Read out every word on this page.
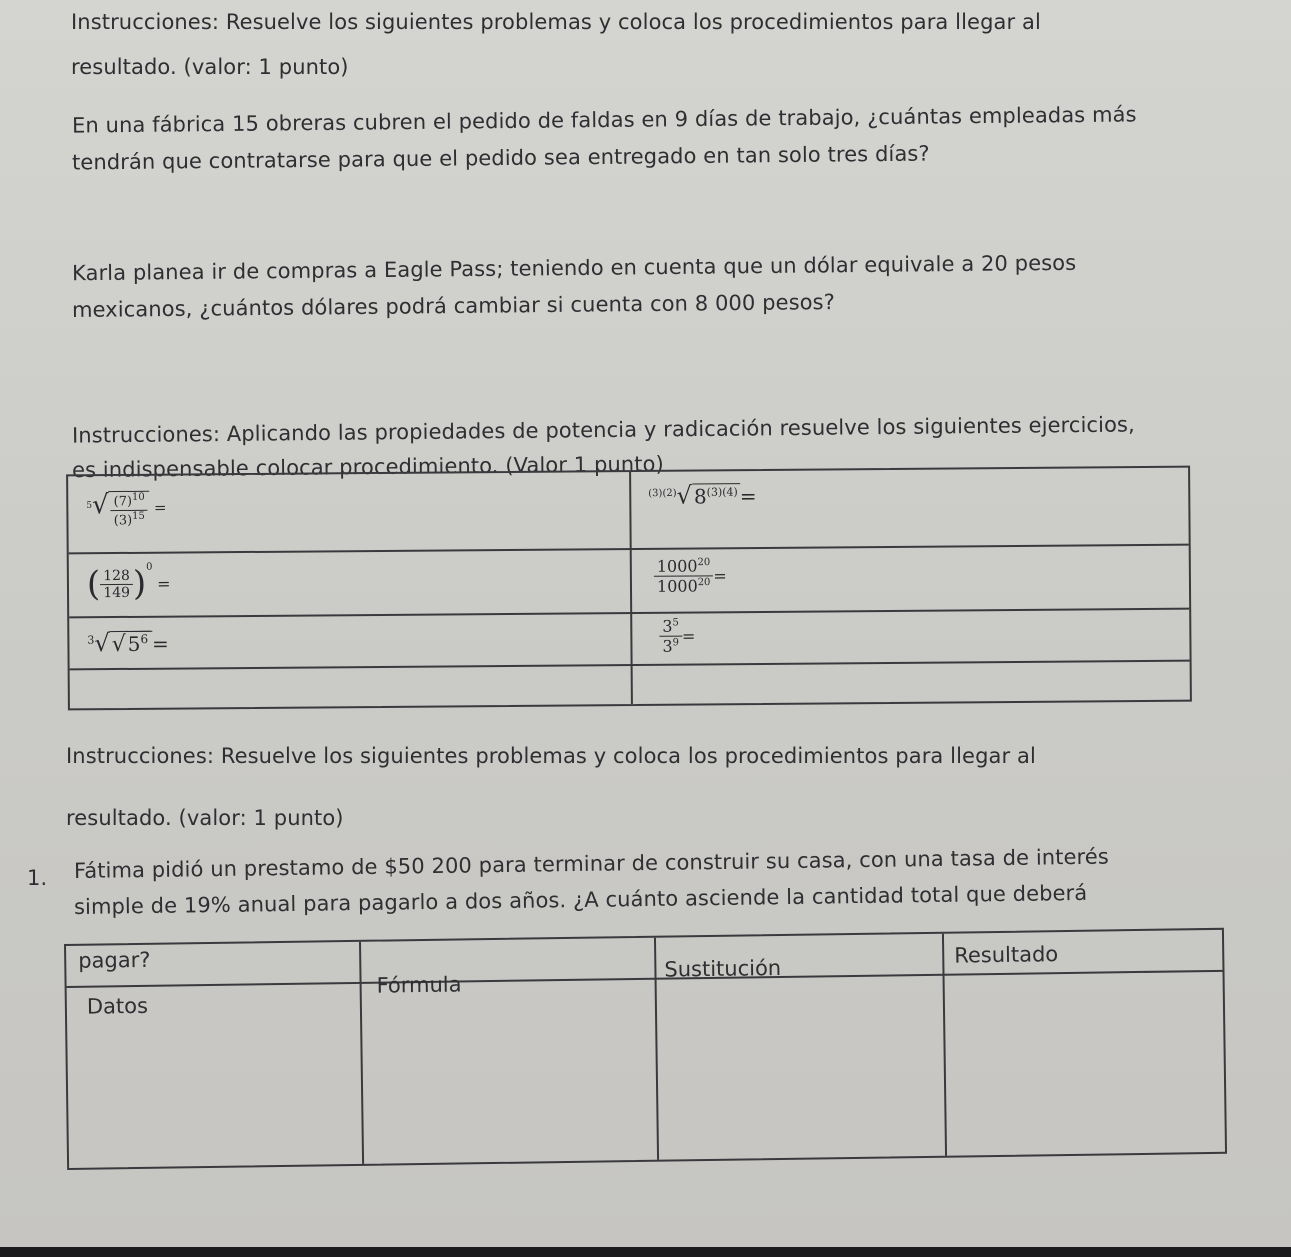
Instrucciones: Resuelve los siguientes problemas y coloca los procedimientos para llegar al
resultado. (valor: 1 punto)
En una fábrica 15 obreras cubren el pedido de faldas en 9 días de trabajo, ¿cuántas empleadas más
tendrán que contratarse para que el pedido sea entregado en tan solo tres días?
Karla planea ir de compras a Eagle Pass; teniendo en cuenta que un dólar equivale a 20 pesos
mexicanos, ¿cuántos dólares podrá cambiar si cuenta con 8 000 pesos?
Instrucciones: Aplicando las propiedades de potencia y radicación resuelve los siguientes ejercicios,
es indispensable colocar procedimiento. (Valor 1 punto)
$^5√ \frac{(7)^{10}}{(3)^{15}}$ =
$^{(3)(2)}√8^{(3)(4)}=$
( $\frac{128}{149} )^0$ =	$\frac{1000^{20}}{1000^{20}}$ =
$^3√√5^6$ =	$\frac{3^5}{3^9}$ =
Instrucciones: Resuelve los siguientes problemas y coloca los procedimientos para llegar al
resultado. (valor: 1 punto)
1. Fátima pidió un prestamo de $50 200 para terminar de construir su casa, con una tasa de interés
simple de 19% anual para pagarlo a dos años. ¿A cuánto asciende la cantidad total que deberá
pagar?
Datos
Fórmula
Sustitución
Resultado
